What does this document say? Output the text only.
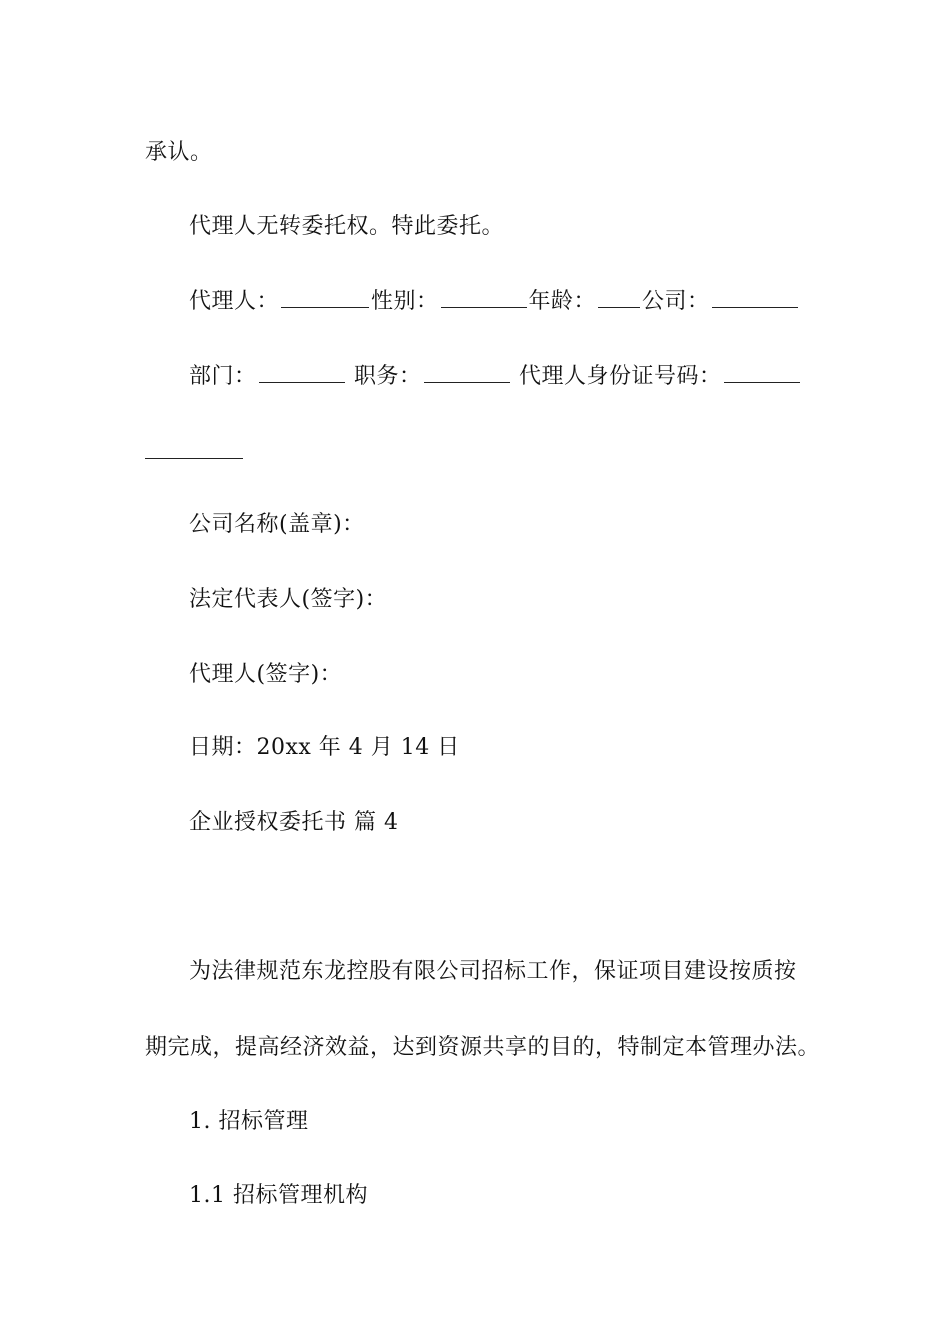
承认。
代理人无转委托权。特此委托。
代理人：	性别：	年龄： 公司：
部门：	职务：	代理人身份证号码：
公司名称(盖章)：
法定代表人(签字)：
代理人(签字)：
日期：20xx 年 4 月 14 日
企业授权委托书 篇 4
为法律规范东龙控股有限公司招标工作，保证项目建设按质按
期完成，提高经济效益，达到资源共享的目的，特制定本管理办法。
1. 招标管理
1.1 招标管理机构
